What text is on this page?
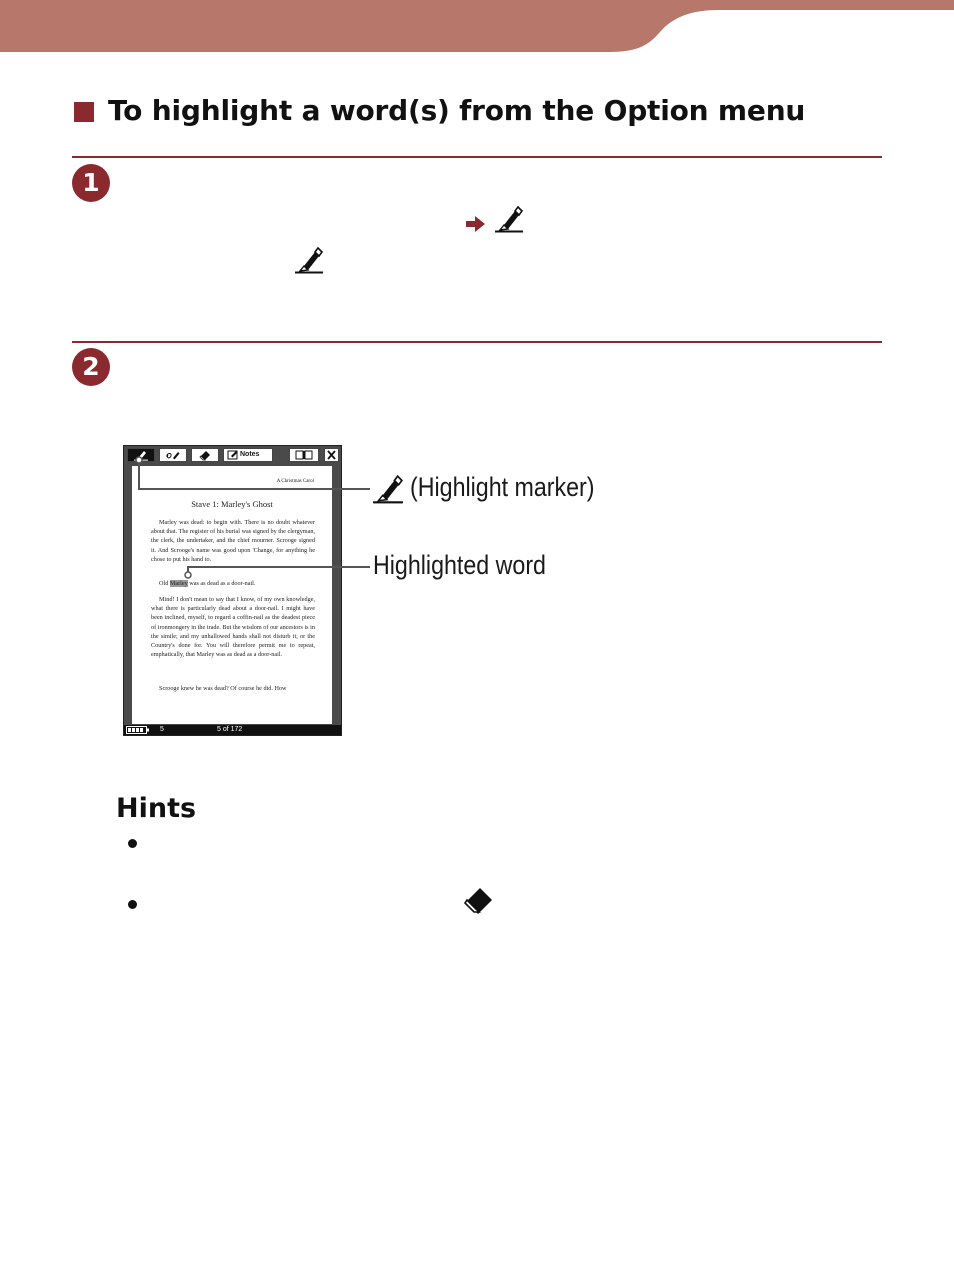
To highlight a word(s) from the Option menu
1
2
Notes
A Christmas Carol
Stave 1: Marley's Ghost

Marley was dead: to begin with. There is no doubt whatever about that. The register of his burial was signed by the clergyman, the clerk, the undertaker, and the chief mourner. Scrooge signed it. And Scrooge's name was good upon 'Change, for anything he chose to put his hand to.

Old Marley was as dead as a door-nail.

Mind! I don't mean to say that I know, of my own knowledge, what there is particularly dead about a door-nail. I might have been inclined, myself, to regard a coffin-nail as the deadest piece of ironmongery in the trade. But the wisdom of our ancestors is in the simile; and my unhallowed hands shall not disturb it, or the Country's done for. You will therefore permit me to repeat, emphatically, that Marley was as dead as a door-nail.

Scrooge knew he was dead? Of course he did. How

5	5 of 172
(Highlight marker)
Highlighted word
Hints
